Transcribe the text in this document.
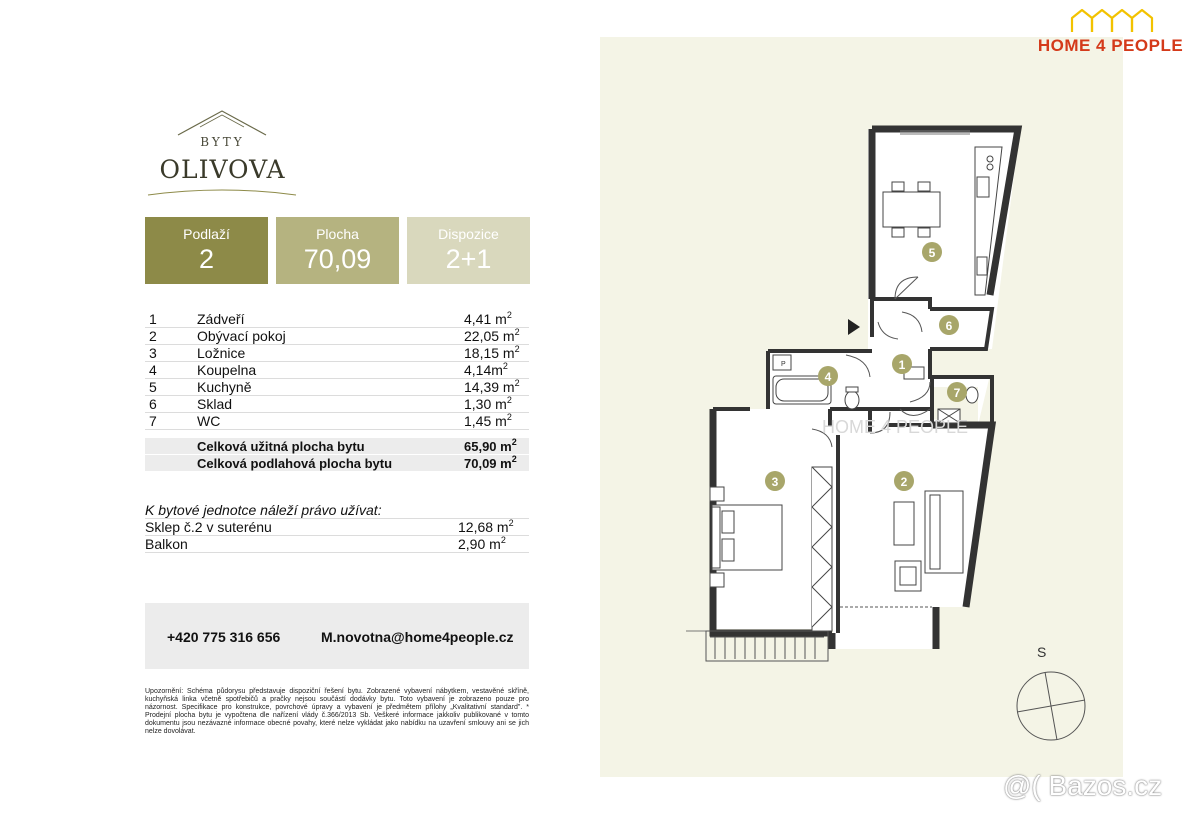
BYTY
OLIVOVA
Podlaží
2
Plocha
70,09
Dispozice
2+1
1	Zádveří	4,41 $m^2$
2	Obývací pokoj	22,05 $m^2$
3	Ložnice	18,15 $m^2$
4	Koupelna	$4,14m^2$
5	Kuchyně	14,39 $m^2$
6	Sklad	1,30 $m^2$
7	WC	1,45 $m^2$
Celková užitná plocha bytu	65,90 $m^2$
Celková podlahová plocha bytu	70,09 $m^2$
K bytové jednotce náleží právo užívat:
Sklep č.2 v suterénu	12,68 $m^2$
Balkon	2,90 $m^2$
+420 775 316 656	M.novotna@home4people.cz
Upozornění: Schéma půdorysu představuje dispoziční řešení bytu. Zobrazené vybavení nábytkem, vestavěné skříně, kuchyňská linka včetně spotřebičů a pračky nejsou součástí dodávky bytu. Toto vybavení je zobrazeno pouze pro názornost. Specifikace pro konstrukce, povrchové úpravy a vybavení je předmětem přílohy „Kvalitativní standard". * Prodejní plocha bytu je vypočtena dle nařízení vlády č.366/2013 Sb. Veškeré informace jakkoliv publikované v tomto dokumentu jsou nezávazné informace obecné povahy, které nelze vykládat jako nabídku na uzavření smlouvy ani se jich nelze dovolávat.
P
HOME 4 PEOPLE
1
2
3
4
5
6
7
HOME 4 PEOPLE
S
@( Bazos.cz
